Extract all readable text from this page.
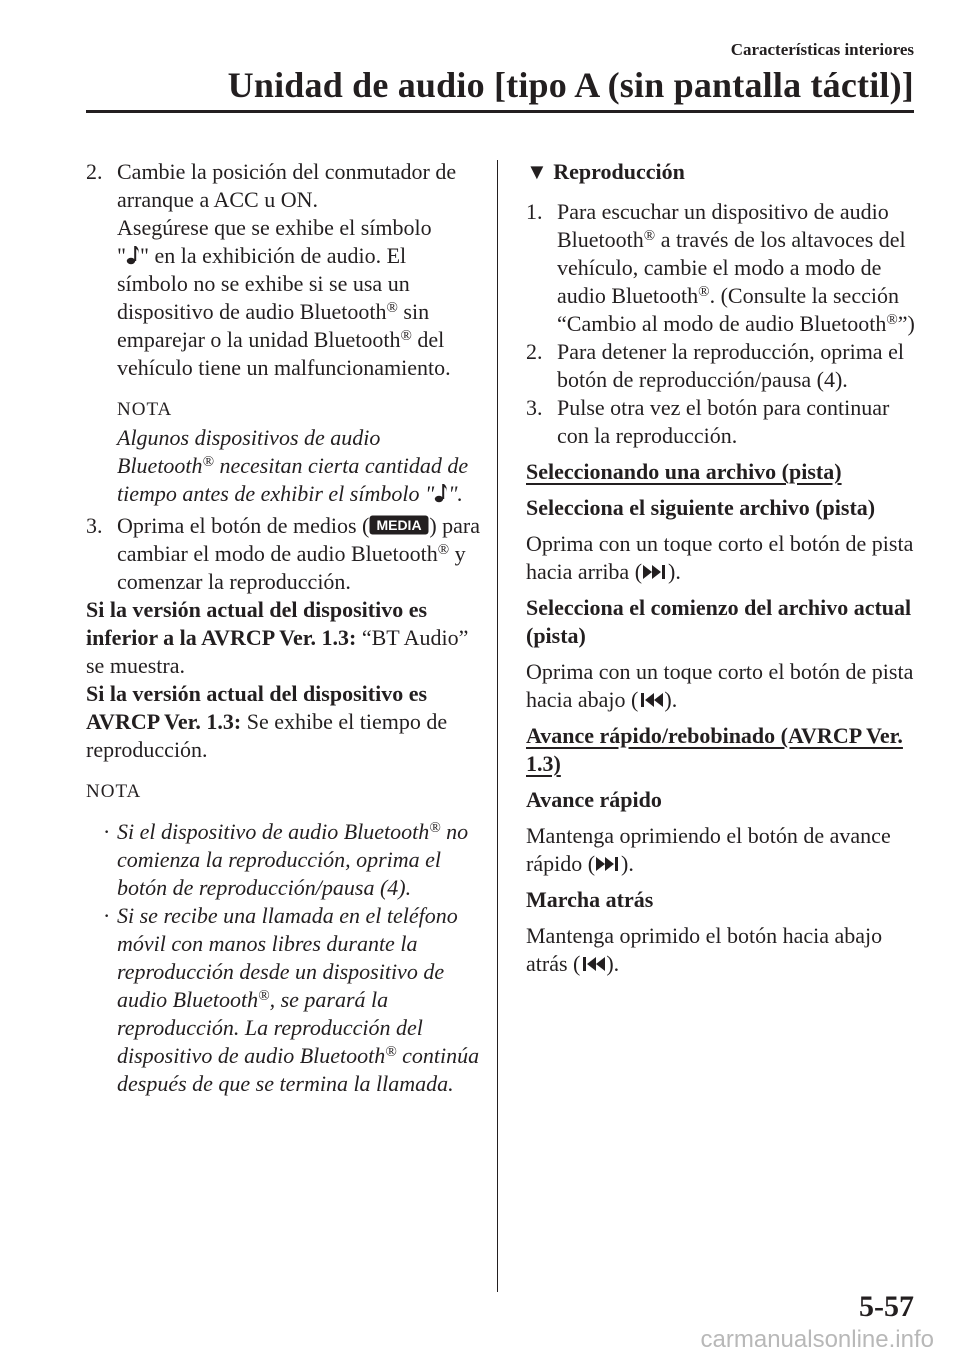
Características interiores
Unidad de audio [tipo A (sin pantalla táctil)]
2. Cambie la posición del conmutador de arranque a ACC u ON.
Asegúrese que se exhibe el símbolo
" " en la exhibición de audio. El símbolo no se exhibe si se usa un dispositivo de audio Bluetooth® sin emparejar o la unidad Bluetooth® del vehículo tiene un malfuncionamiento.
NOTA
Algunos dispositivos de audio Bluetooth® necesitan cierta cantidad de tiempo antes de exhibir el símbolo " ".
3. Oprima el botón de medios ( MEDIA ) para cambiar el modo de audio Bluetooth® y comenzar la reproducción.
Si la versión actual del dispositivo es inferior a la AVRCP Ver. 1.3: “BT Audio” se muestra.
Si la versión actual del dispositivo es AVRCP Ver. 1.3: Se exhibe el tiempo de reproducción.
NOTA
· Si el dispositivo de audio Bluetooth® no comienza la reproducción, oprima el botón de reproducción/pausa (4).
· Si se recibe una llamada en el teléfono móvil con manos libres durante la reproducción desde un dispositivo de audio Bluetooth®, se parará la reproducción. La reproducción del dispositivo de audio Bluetooth® continúa después de que se termina la llamada.
▼ Reproducción
1. Para escuchar un dispositivo de audio Bluetooth® a través de los altavoces del vehículo, cambie el modo a modo de audio Bluetooth®. (Consulte la sección “Cambio al modo de audio Bluetooth®”)
2. Para detener la reproducción, oprima el botón de reproducción/pausa (4).
3. Pulse otra vez el botón para continuar con la reproducción.
Seleccionando una archivo (pista)
Selecciona el siguiente archivo (pista)
Oprima con un toque corto el botón de pista hacia arriba ( ).
Selecciona el comienzo del archivo actual (pista)
Oprima con un toque corto el botón de pista hacia abajo ( ).
Avance rápido/rebobinado (AVRCP Ver. 1.3)
Avance rápido
Mantenga oprimiendo el botón de avance rápido ( ).
Marcha atrás
Mantenga oprimido el botón hacia abajo atrás ( ).
5-57
carmanualsonline.info
